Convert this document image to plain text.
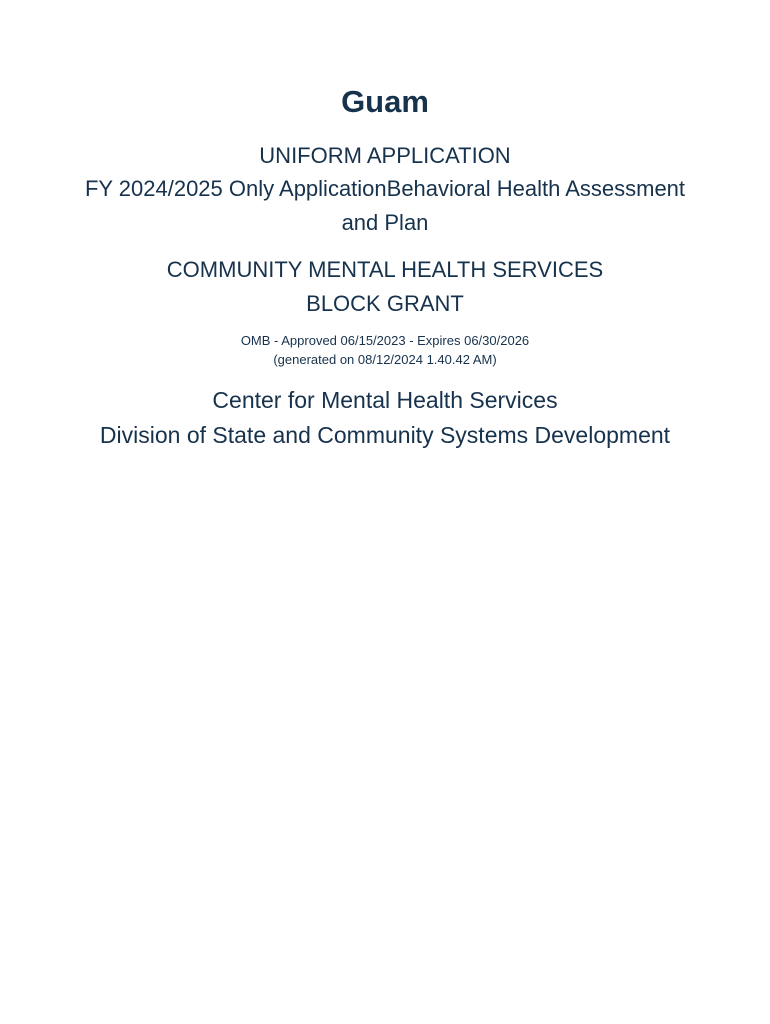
Guam
UNIFORM APPLICATION
FY 2024/2025 Only ApplicationBehavioral Health Assessment
and Plan
COMMUNITY MENTAL HEALTH SERVICES
BLOCK GRANT
OMB - Approved 06/15/2023 - Expires 06/30/2026
(generated on 08/12/2024 1.40.42 AM)
Center for Mental Health Services
Division of State and Community Systems Development
